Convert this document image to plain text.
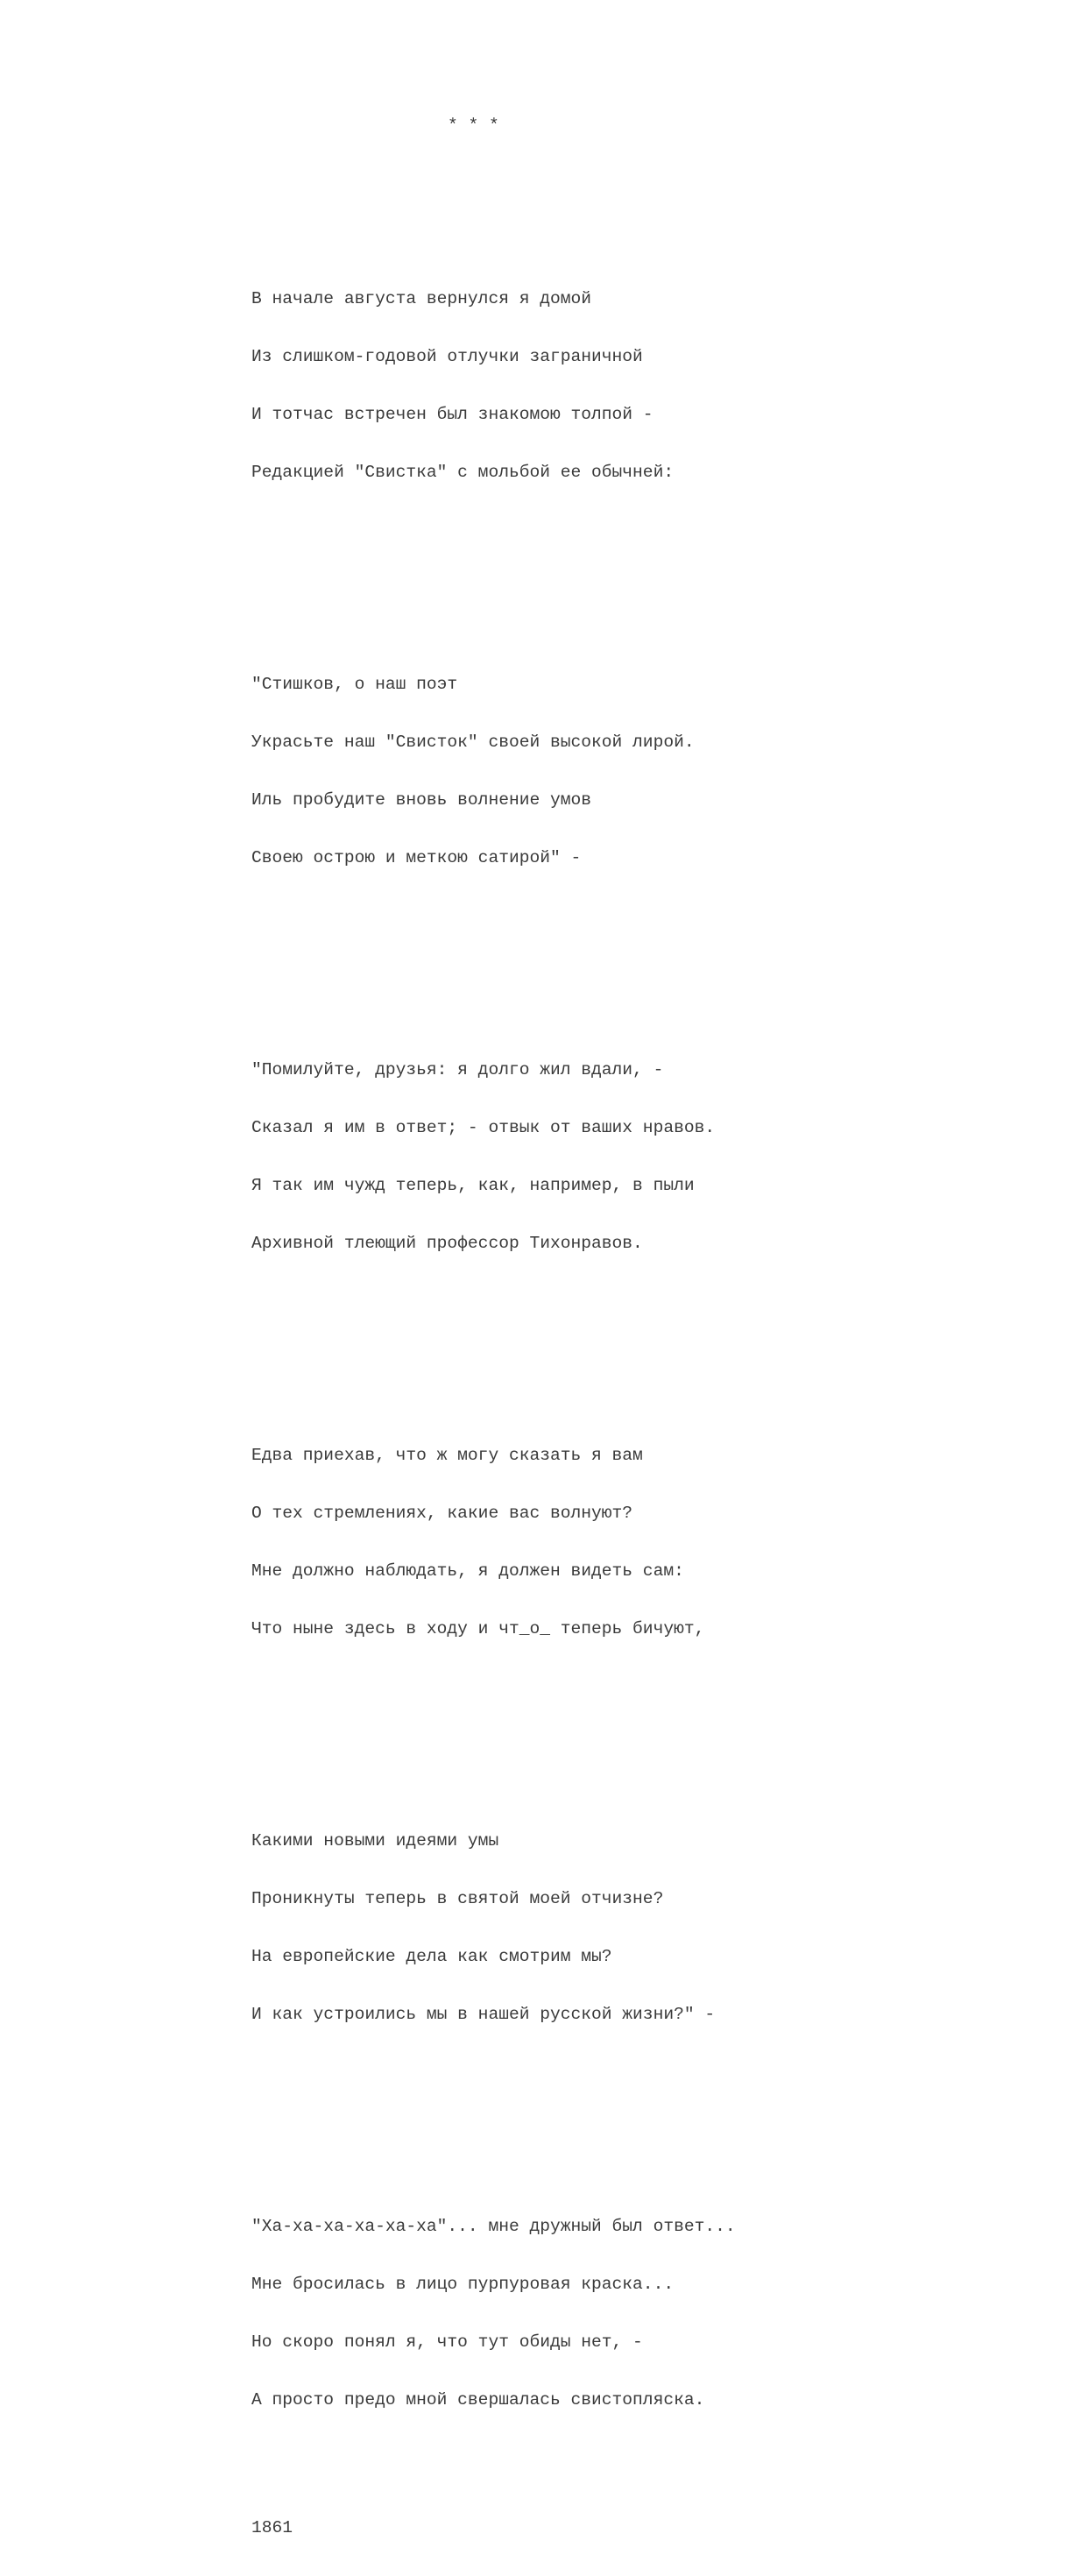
* * *

В начале августа вернулся я домой

Из слишком-годовой отлучки заграничной

И тотчас встречен был знакомою толпой -

Редакцией "Свистка" с мольбой ее обычней:

"Стишков, о наш поэт

Украсьте наш "Свисток" своей высокой лирой.

Иль пробудите вновь волнение умов

Своею острою и меткою сатирой" -

"Помилуйте, друзья: я долго жил вдали, -

Сказал я им в ответ; - отвык от ваших нравов.

Я так им чужд теперь, как, например, в пыли

Архивной тлеющий профессор Тихонравов.

Едва приехав, что ж могу сказать я вам

О тех стремлениях, какие вас волнуют?

Мне должно наблюдать, я должен видеть сам:

Что ныне здесь в ходу и чт_о_ теперь бичуют,

Какими новыми идеями умы

Проникнуты теперь в святой моей отчизне?

На европейские дела как смотрим мы?

И как устроились мы в нашей русской жизни?" -

"Ха-ха-ха-ха-ха-ха"... мне дружный был ответ...

Мне бросилась в лицо пурпуровая краска...

Но скоро понял я, что тут обиды нет, -

А просто предо мной свершалась свистопляска.

1861
